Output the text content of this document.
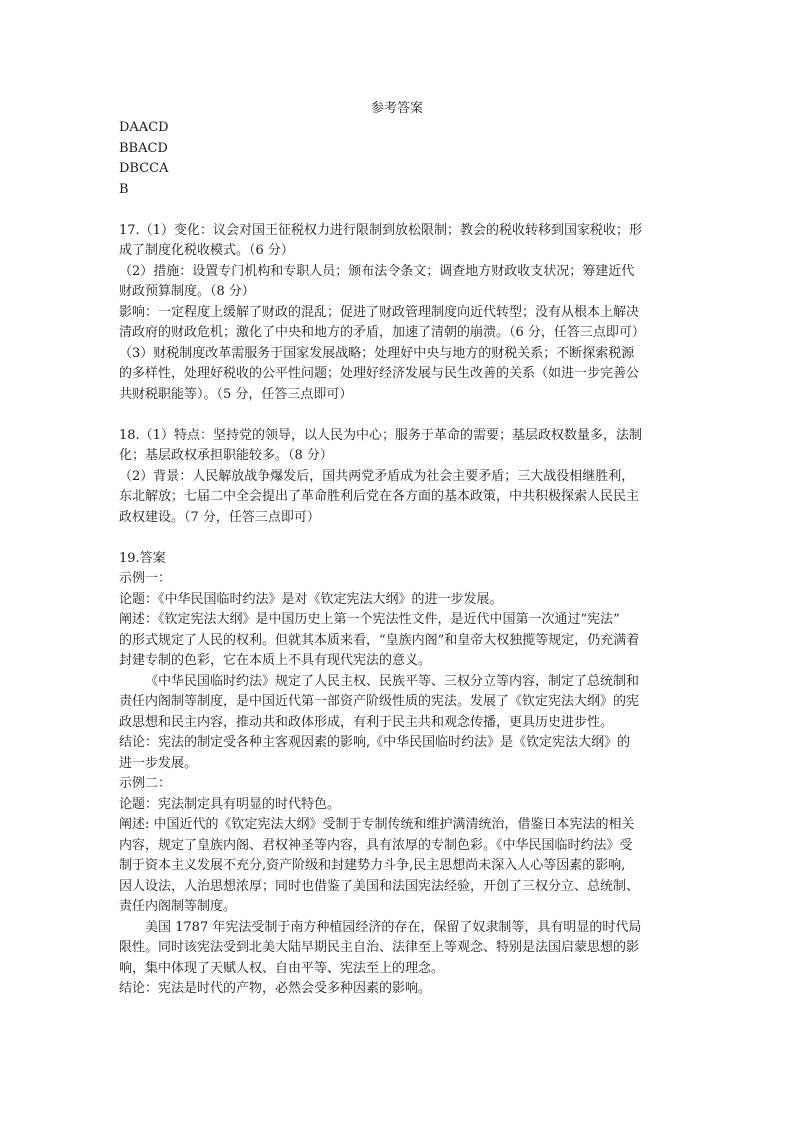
参考答案
DAACD
BBACD
DBCCA
B
17.（1）变化：议会对国王征税权力进行限制到放松限制；教会的税收转移到国家税收；形
成了制度化税收模式。（6 分）
（2）措施：设置专门机构和专职人员；颁布法令条文；调查地方财政收支状况；筹建近代
财政预算制度。（8 分）
影响：一定程度上缓解了财政的混乱；促进了财政管理制度向近代转型；没有从根本上解决
清政府的财政危机；激化了中央和地方的矛盾，加速了清朝的崩溃。（6 分，任答三点即可）
（3）财税制度改革需服务于国家发展战略；处理好中央与地方的财税关系；不断探索税源
的多样性，处理好税收的公平性问题；处理好经济发展与民生改善的关系（如进一步完善公
共财税职能等）。（5 分，任答三点即可）
18.（1）特点：坚持党的领导，以人民为中心；服务于革命的需要；基层政权数量多，法制
化；基层政权承担职能较多。（8 分）
（2）背景：人民解放战争爆发后，国共两党矛盾成为社会主要矛盾；三大战役相继胜利，
东北解放；七届二中全会提出了革命胜利后党在各方面的基本政策，中共积极探索人民民主
政权建设。（7 分，任答三点即可）
19.答案
示例一：
论题：《中华民国临时约法》是对《钦定宪法大纲》的进一步发展。
阐述：《钦定宪法大纲》是中国历史上第一个宪法性文件，是近代中国第一次通过“宪法”
的形式规定了人民的权利。但就其本质来看，“皇族内阁”和皇帝大权独揽等规定，仍充满着
封建专制的色彩，它在本质上不具有现代宪法的意义。
《中华民国临时约法》规定了人民主权、民族平等、三权分立等内容，制定了总统制和
责任内阁制等制度，是中国近代第一部资产阶级性质的宪法。发展了《钦定宪法大纲》的宪
政思想和民主内容，推动共和政体形成，有利于民主共和观念传播，更具历史进步性。
结论：宪法的制定受各种主客观因素的影响,《中华民国临时约法》是《钦定宪法大纲》的
进一步发展。
示例二：
论题：宪法制定具有明显的时代特色。
阐述: 中国近代的《钦定宪法大纲》受制于专制传统和维护满清统治，借鉴日本宪法的相关
内容，规定了皇族内阁、君权神圣等内容，具有浓厚的专制色彩。《中华民国临时约法》受
制于资本主义发展不充分,资产阶级和封建势力斗争,民主思想尚未深入人心等因素的影响,
因人设法，人治思想浓厚；同时也借鉴了美国和法国宪法经验，开创了三权分立、总统制、
责任内阁制等制度。
美国 1787 年宪法受制于南方种植园经济的存在，保留了奴隶制等，具有明显的时代局
限性。同时该宪法受到北美大陆早期民主自治、法律至上等观念、特别是法国启蒙思想的影
响，集中体现了天赋人权、自由平等、宪法至上的理念。
结论：宪法是时代的产物，必然会受多种因素的影响。
